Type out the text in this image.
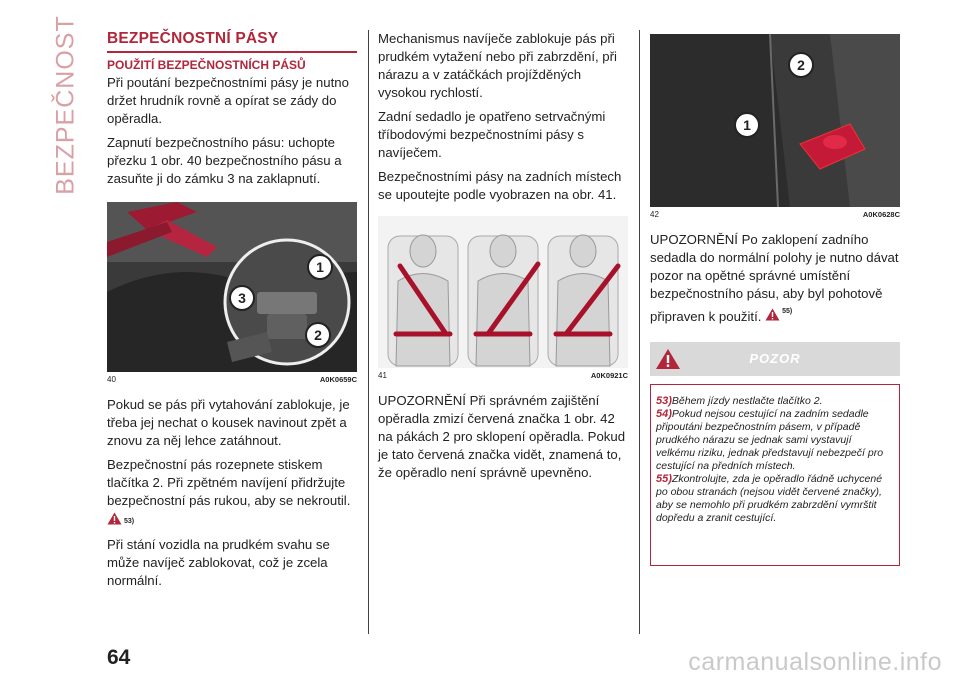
BEZPEČNOST BEZPEČNOSTNÍ PÁSY
POUŽITÍ BEZPEČNOSTNÍCH PÁSŮ

Při poutání bezpečnostními pásy je nutno držet hrudník rovně a opírat se zády do opěradla.

Zapnutí bezpečnostního pásu: uchopte přezku 1 obr. 40 bezpečnostního pásu a zasuňte ji do zámku 3 na zaklapnutí.

1
3
2
40	A0K0659C

Pokud se pás při vytahování zablokuje, je třeba jej nechat o kousek navinout zpět a znovu za něj lehce zatáhnout.

Bezpečnostní pás rozepnete stiskem tlačítka 2. Při zpětném navíjení přidržujte bezpečnostní pás rukou, aby se nekroutil.

53)

Při stání vozidla na prudkém svahu se může navíječ zablokovat, což je zcela normální.

Mechanismus navíječe zablokuje pás při prudkém vytažení nebo při zabrzdění, při nárazu a v zatáčkách projížděných vysokou rychlostí.

Zadní sedadlo je opatřeno setrvačnými tříbodovými bezpečnostními pásy s navíječem.

Bezpečnostními pásy na zadních místech se upoutejte podle vyobrazen na obr. 41.

41	A0K0921C

UPOZORNĚNÍ Při správném zajištění opěradla zmizí červená značka 1 obr. 42 na pákách 2 pro sklopení opěradla. Pokud je tato červená značka vidět, znamená to, že opěradlo není správně upevněno.

2
1
42	A0K0628C

UPOZORNĚNÍ Po zaklopení zadního sedadla do normální polohy je nutno dávat pozor na opětné správné umístění bezpečnostního pásu, aby byl pohotově připraven k použití.	55)

POZOR

53)Během jízdy nestlačte tlačítko 2.

54)Pokud nejsou cestující na zadním sedadle připoutáni bezpečnostním pásem, v případě prudkého nárazu se jednak sami vystavují velkému riziku, jednak představují nebezpečí pro cestující na předních místech.

55)Zkontrolujte, zda je opěradlo řádně uchycené po obou stranách (nejsou vidět červené značky), aby se nemohlo při prudkém zabrzdění vymrštit dopředu a zranit cestující.

64	carmanualsonline.info
